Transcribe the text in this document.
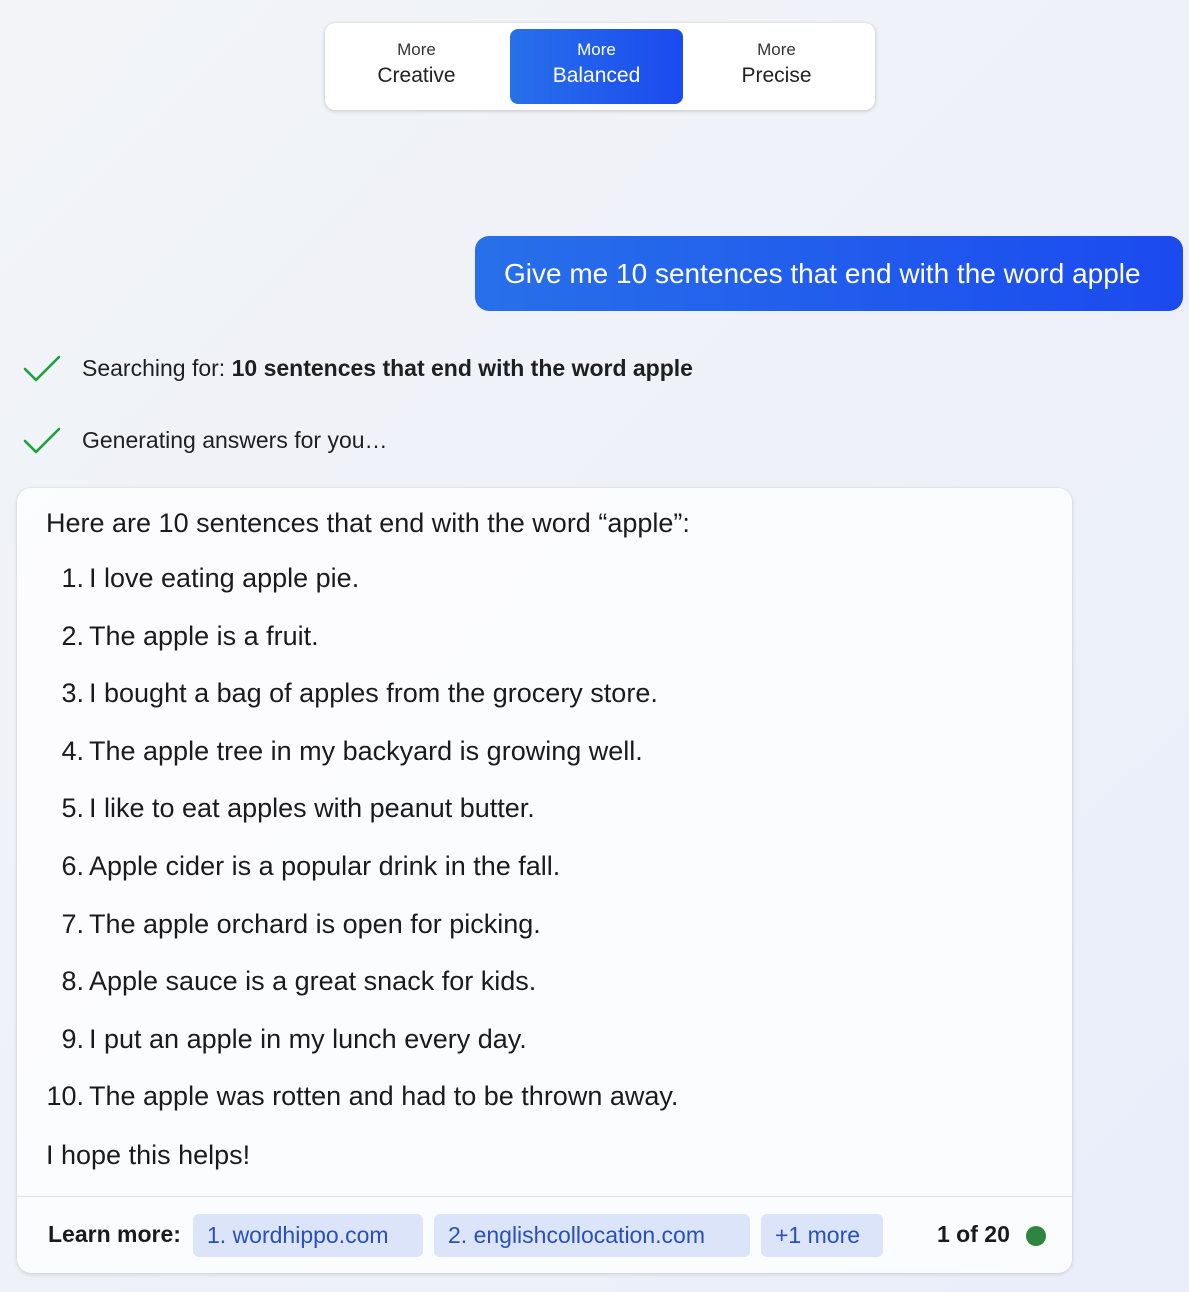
More
Creative
More
Balanced
More
Precise
Give me 10 sentences that end with the word apple
Searching for: 10 sentences that end with the word apple
Generating answers for you…
Here are 10 sentences that end with the word “apple”:
1. I love eating apple pie.
2. The apple is a fruit.
3. I bought a bag of apples from the grocery store.
4. The apple tree in my backyard is growing well.
5. I like to eat apples with peanut butter.
6. Apple cider is a popular drink in the fall.
7. The apple orchard is open for picking.
8. Apple sauce is a great snack for kids.
9. I put an apple in my lunch every day.
10. The apple was rotten and had to be thrown away.
I hope this helps!
Learn more:	1. wordhippo.com	2. englishcollocation.com	+1 more	1 of 20
